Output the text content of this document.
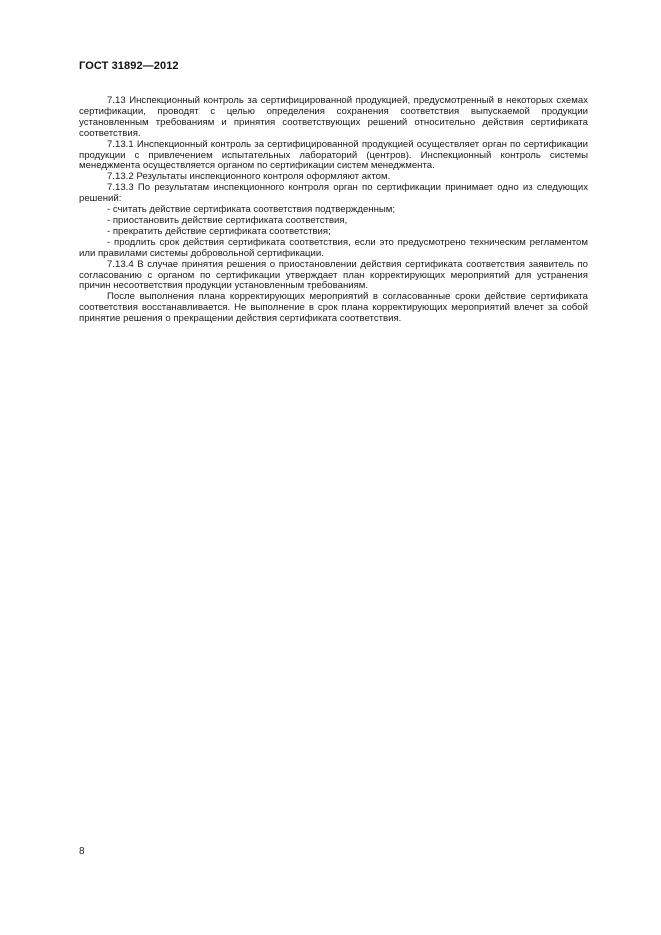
ГОСТ 31892—2012

7.13 Инспекционный контроль за сертифицированной продукцией, предусмотренный в некоторых схемах сертификации, проводят с целью определения сохранения соответствия выпускаемой продукции установленным требованиям и принятия соответствующих решений относительно действия сертификата соответствия.

7.13.1 Инспекционный контроль за сертифицированной продукцией осуществляет орган по сертификации продукции с привлечением испытательных лабораторий (центров). Инспекционный контроль системы менеджмента осуществляется органом по сертификации систем менеджмента.

7.13.2 Результаты инспекционного контроля оформляют актом.

7.13.3 По результатам инспекционного контроля орган по сертификации принимает одно из следующих решений:

- считать действие сертификата соответствия подтвержденным;

- приостановить действие сертификата соответствия,

- прекратить действие сертификата соответствия;

- продлить срок действия сертификата соответствия, если это предусмотрено техническим регламентом или правилами системы добровольной сертификации.

7.13.4 В случае принятия решения о приостановлении действия сертификата соответствия заявитель по согласованию с органом по сертификации утверждает план корректирующих мероприятий для устранения причин несоответствия продукции установленным требованиям.

После выполнения плана корректирующих мероприятий в согласованные сроки действие сертификата соответствия восстанавливается. Не выполнение в срок плана корректирующих мероприятий влечет за собой принятие решения о прекращении действия сертификата соответствия.

8
